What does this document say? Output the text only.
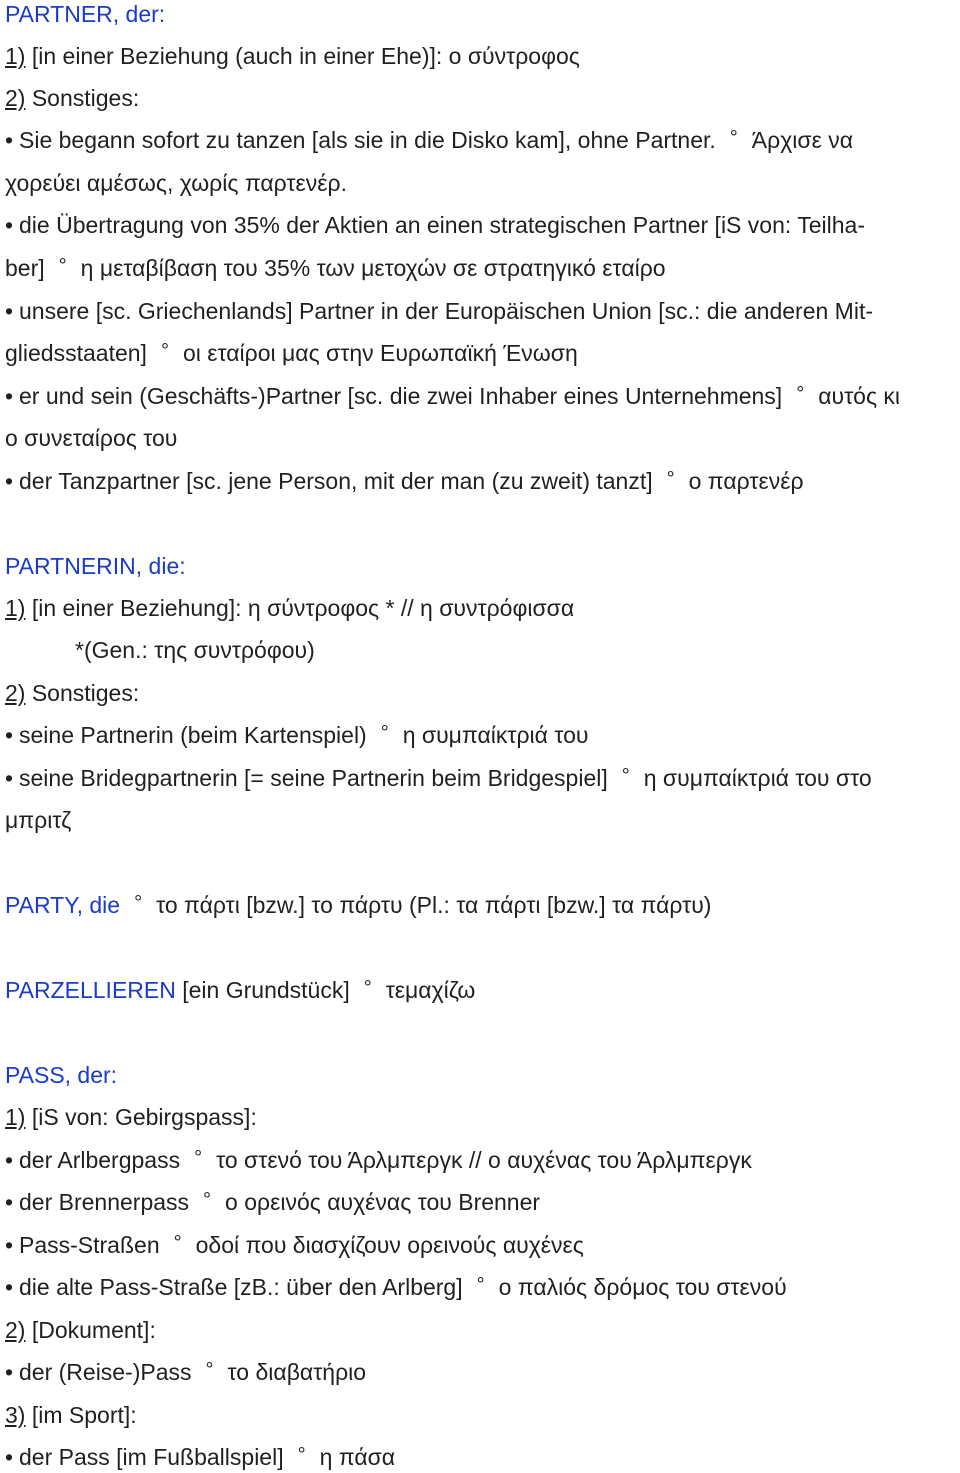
PARTNER, der:
1) [in einer Beziehung (auch in einer Ehe)]: ο σύντροφος
2) Sonstiges:
• Sie begann sofort zu tanzen [als sie in die Disko kam], ohne Partner. ° Άρχισε να
χορεύει αμέσως, χωρίς παρτενέρ.
• die Übertragung von 35% der Aktien an einen strategischen Partner [iS von: Teilha-
ber] ° η μεταβίβαση του 35% των μετοχών σε στρατηγικό εταίρο
• unsere [sc. Griechenlands] Partner in der Europäischen Union [sc.: die anderen Mit-
gliedsstaaten] ° οι εταίροι μας στην Ευρωπαϊκή Ένωση
• er und sein (Geschäfts-)Partner [sc. die zwei Inhaber eines Unternehmens] ° αυτός κι
ο συνεταίρος του
• der Tanzpartner [sc. jene Person, mit der man (zu zweit) tanzt] ° ο παρτενέρ
PARTNERIN, die:
1) [in einer Beziehung]: η σύντροφος * // η συντρόφισσα
*(Gen.: της συντρόφου)
2) Sonstiges:
• seine Partnerin (beim Kartenspiel) ° η συμπαίκτριά του
• seine Bridegpartnerin [= seine Partnerin beim Bridgespiel] ° η συμπαίκτριά του στο
μπριτζ
PARTY, die ° το πάρτι [bzw.] το πάρτυ (Pl.: τα πάρτι [bzw.] τα πάρτυ)
PARZELLIEREN [ein Grundstück] ° τεμαχίζω
PASS, der:
1) [iS von: Gebirgspass]:
• der Arlbergpass ° το στενό του Άρλμπεργκ // ο αυχένας του Άρλμπεργκ
• der Brennerpass ° ο ορεινός αυχένας του Brenner
• Pass-Straßen ° οδοί που διασχίζουν ορεινούς αυχένες
• die alte Pass-Straße [zB.: über den Arlberg] ° ο παλιός δρόμος του στενού
2) [Dokument]:
• der (Reise-)Pass ° το διαβατήριο
3) [im Sport]:
• der Pass [im Fußballspiel] ° η πάσα
